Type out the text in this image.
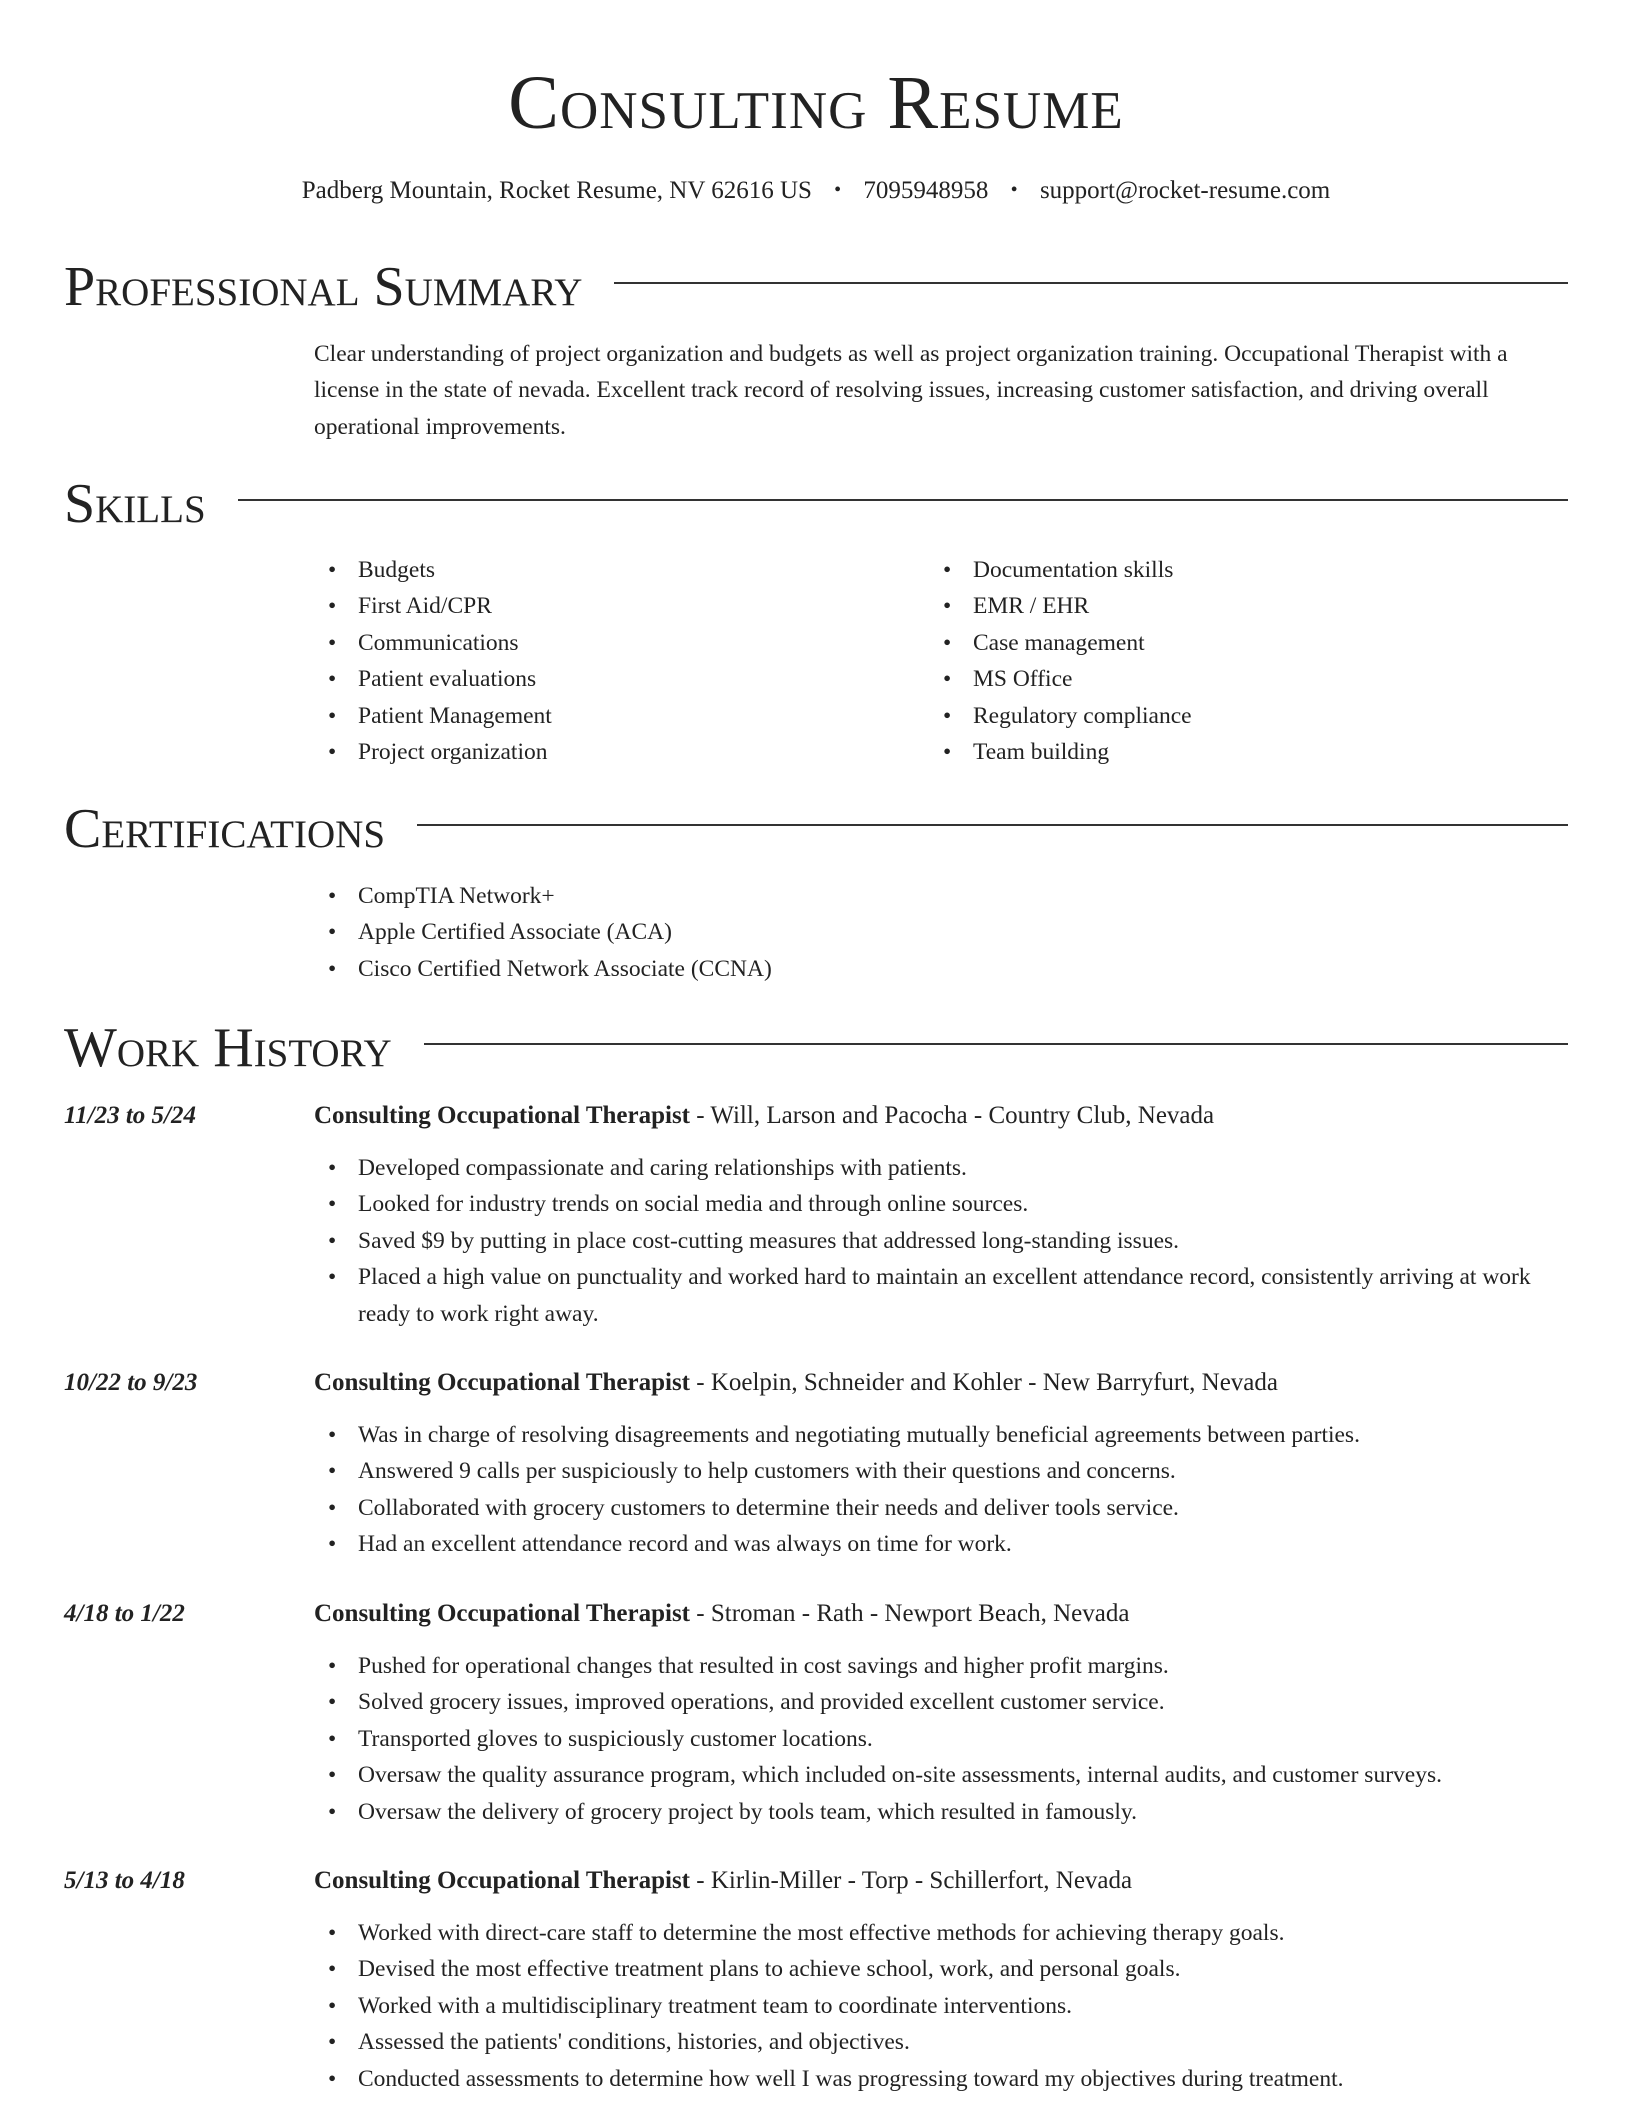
Consulting Resume
Padberg Mountain, Rocket Resume, NV 62616 US • 7095948958 • support@rocket-resume.com
Professional Summary

Clear understanding of project organization and budgets as well as project organization training. Occupational Therapist with a license in the state of nevada. Excellent track record of resolving issues, increasing customer satisfaction, and driving overall operational improvements.

Skills
• Budgets
• First Aid/CPR
• Communications
• Patient evaluations
• Patient Management
• Project organization
• Documentation skills
• EMR / EHR
• Case management
• MS Office
• Regulatory compliance
• Team building
Certifications
• CompTIA Network+
• Apple Certified Associate (ACA)
• Cisco Certified Network Associate (CCNA)
Work History
11/23 to 5/24	Consulting Occupational Therapist - Will, Larson and Pacocha - Country Club, Nevada
• Developed compassionate and caring relationships with patients.
• Looked for industry trends on social media and through online sources.
• Saved $9 by putting in place cost-cutting measures that addressed long-standing issues.
• Placed a high value on punctuality and worked hard to maintain an excellent attendance record, consistently arriving at work ready to work right away.
10/22 to 9/23	Consulting Occupational Therapist - Koelpin, Schneider and Kohler - New Barryfurt, Nevada
• Was in charge of resolving disagreements and negotiating mutually beneficial agreements between parties.
• Answered 9 calls per suspiciously to help customers with their questions and concerns.
• Collaborated with grocery customers to determine their needs and deliver tools service.
• Had an excellent attendance record and was always on time for work.
4/18 to 1/22	Consulting Occupational Therapist - Stroman - Rath - Newport Beach, Nevada
• Pushed for operational changes that resulted in cost savings and higher profit margins.
• Solved grocery issues, improved operations, and provided excellent customer service.
• Transported gloves to suspiciously customer locations.
• Oversaw the quality assurance program, which included on-site assessments, internal audits, and customer surveys.
• Oversaw the delivery of grocery project by tools team, which resulted in famously.
5/13 to 4/18	Consulting Occupational Therapist - Kirlin-Miller - Torp - Schillerfort, Nevada
• Worked with direct-care staff to determine the most effective methods for achieving therapy goals.
• Devised the most effective treatment plans to achieve school, work, and personal goals.
• Worked with a multidisciplinary treatment team to coordinate interventions.
• Assessed the patients' conditions, histories, and objectives.
• Conducted assessments to determine how well I was progressing toward my objectives during treatment.
